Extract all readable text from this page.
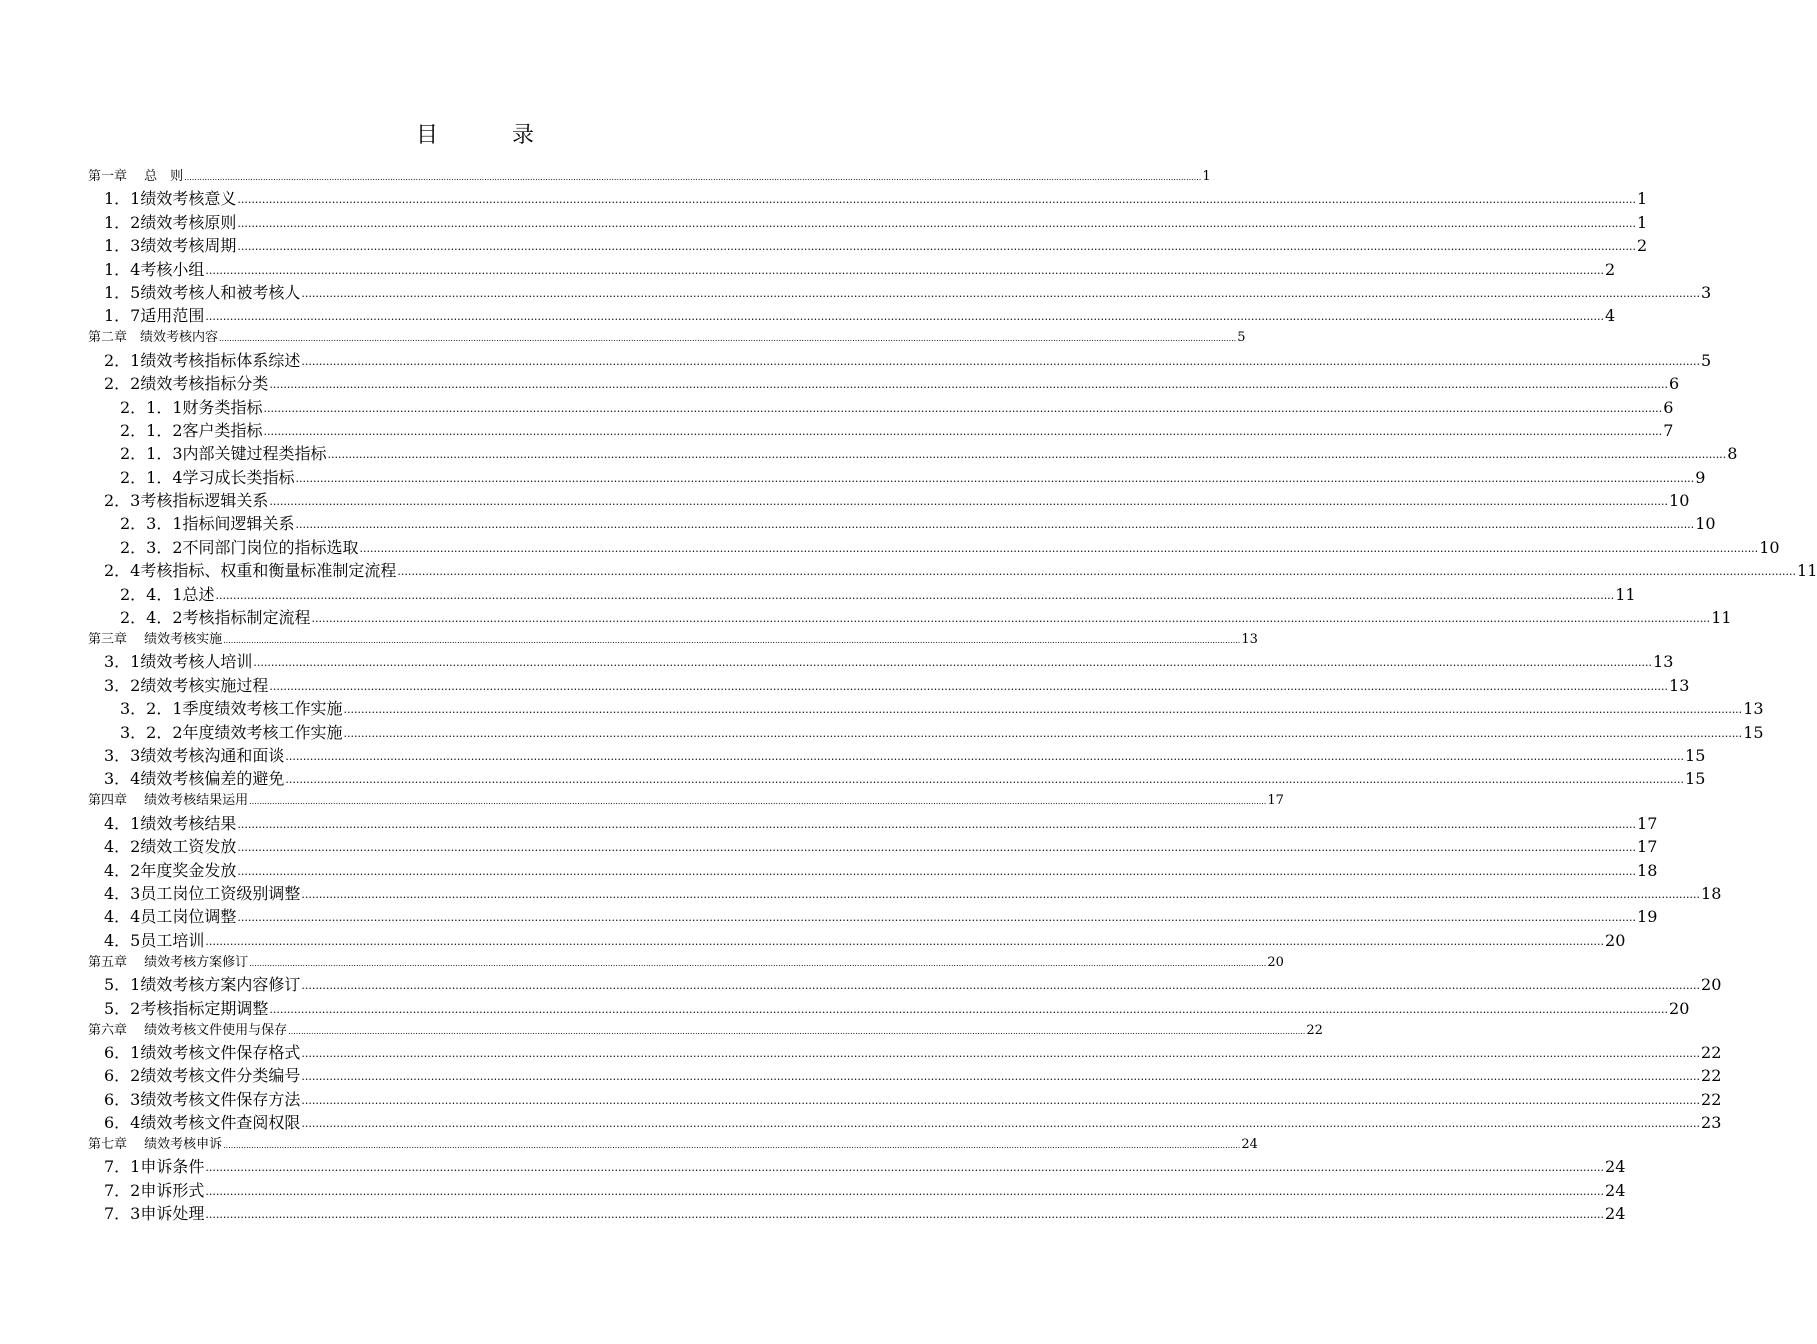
目　录
第一章　 总　则 ................................................................................................................................................................................................................................................................................................................................................................................................................ 1
1．1绩效考核意义 ................................................................................................................................................................................................................................................................................................................................................................................................................ 1
1．2绩效考核原则 ................................................................................................................................................................................................................................................................................................................................................................................................................ 1
1．3绩效考核周期 ................................................................................................................................................................................................................................................................................................................................................................................................................ 2
1．4考核小组 ................................................................................................................................................................................................................................................................................................................................................................................................................ 2
1．5绩效考核人和被考核人 ................................................................................................................................................................................................................................................................................................................................................................................................................ 3
1．7适用范围 ................................................................................................................................................................................................................................................................................................................................................................................................................ 4
第二章　绩效考核内容 ................................................................................................................................................................................................................................................................................................................................................................................................................ 5
2．1绩效考核指标体系综述 ................................................................................................................................................................................................................................................................................................................................................................................................................ 5
2．2绩效考核指标分类 ................................................................................................................................................................................................................................................................................................................................................................................................................ 6
2．1．1财务类指标 ................................................................................................................................................................................................................................................................................................................................................................................................................ 6
2．1．2客户类指标 ................................................................................................................................................................................................................................................................................................................................................................................................................ 7
2．1．3内部关键过程类指标 ................................................................................................................................................................................................................................................................................................................................................................................................................ 8
2．1．4学习成长类指标 ................................................................................................................................................................................................................................................................................................................................................................................................................ 9
2．3考核指标逻辑关系 ................................................................................................................................................................................................................................................................................................................................................................................................................ 10
2．3．1指标间逻辑关系 ................................................................................................................................................................................................................................................................................................................................................................................................................ 10
2．3．2不同部门岗位的指标选取 ................................................................................................................................................................................................................................................................................................................................................................................................................ 10
2．4考核指标、权重和衡量标准制定流程 ................................................................................................................................................................................................................................................................................................................................................................................................................ 11
2．4．1总述 ................................................................................................................................................................................................................................................................................................................................................................................................................ 11
2．4．2考核指标制定流程 ................................................................................................................................................................................................................................................................................................................................................................................................................ 11
第三章　 绩效考核实施 ................................................................................................................................................................................................................................................................................................................................................................................................................ 13
3．1绩效考核人培训 ................................................................................................................................................................................................................................................................................................................................................................................................................ 13
3．2绩效考核实施过程 ................................................................................................................................................................................................................................................................................................................................................................................................................ 13
3．2．1季度绩效考核工作实施 ................................................................................................................................................................................................................................................................................................................................................................................................................ 13
3．2．2年度绩效考核工作实施 ................................................................................................................................................................................................................................................................................................................................................................................................................ 15
3．3绩效考核沟通和面谈 ................................................................................................................................................................................................................................................................................................................................................................................................................ 15
3．4绩效考核偏差的避免 ................................................................................................................................................................................................................................................................................................................................................................................................................ 15
第四章　 绩效考核结果运用 ................................................................................................................................................................................................................................................................................................................................................................................................................ 17
4．1绩效考核结果 ................................................................................................................................................................................................................................................................................................................................................................................................................ 17
4．2绩效工资发放 ................................................................................................................................................................................................................................................................................................................................................................................................................ 17
4．2年度奖金发放 ................................................................................................................................................................................................................................................................................................................................................................................................................ 18
4．3员工岗位工资级别调整 ................................................................................................................................................................................................................................................................................................................................................................................................................ 18
4．4员工岗位调整 ................................................................................................................................................................................................................................................................................................................................................................................................................ 19
4．5员工培训 ................................................................................................................................................................................................................................................................................................................................................................................................................ 20
第五章　 绩效考核方案修订 ................................................................................................................................................................................................................................................................................................................................................................................................................ 20
5．1绩效考核方案内容修订 ................................................................................................................................................................................................................................................................................................................................................................................................................ 20
5．2考核指标定期调整 ................................................................................................................................................................................................................................................................................................................................................................................................................ 20
第六章　 绩效考核文件使用与保存 ................................................................................................................................................................................................................................................................................................................................................................................................................ 22
6．1绩效考核文件保存格式 ................................................................................................................................................................................................................................................................................................................................................................................................................ 22
6．2绩效考核文件分类编号 ................................................................................................................................................................................................................................................................................................................................................................................................................ 22
6．3绩效考核文件保存方法 ................................................................................................................................................................................................................................................................................................................................................................................................................ 22
6．4绩效考核文件查阅权限 ................................................................................................................................................................................................................................................................................................................................................................................................................ 23
第七章　 绩效考核申诉 ................................................................................................................................................................................................................................................................................................................................................................................................................ 24
7．1申诉条件 ................................................................................................................................................................................................................................................................................................................................................................................................................ 24
7．2申诉形式 ................................................................................................................................................................................................................................................................................................................................................................................................................ 24
7．3申诉处理 ................................................................................................................................................................................................................................................................................................................................................................................................................ 24
